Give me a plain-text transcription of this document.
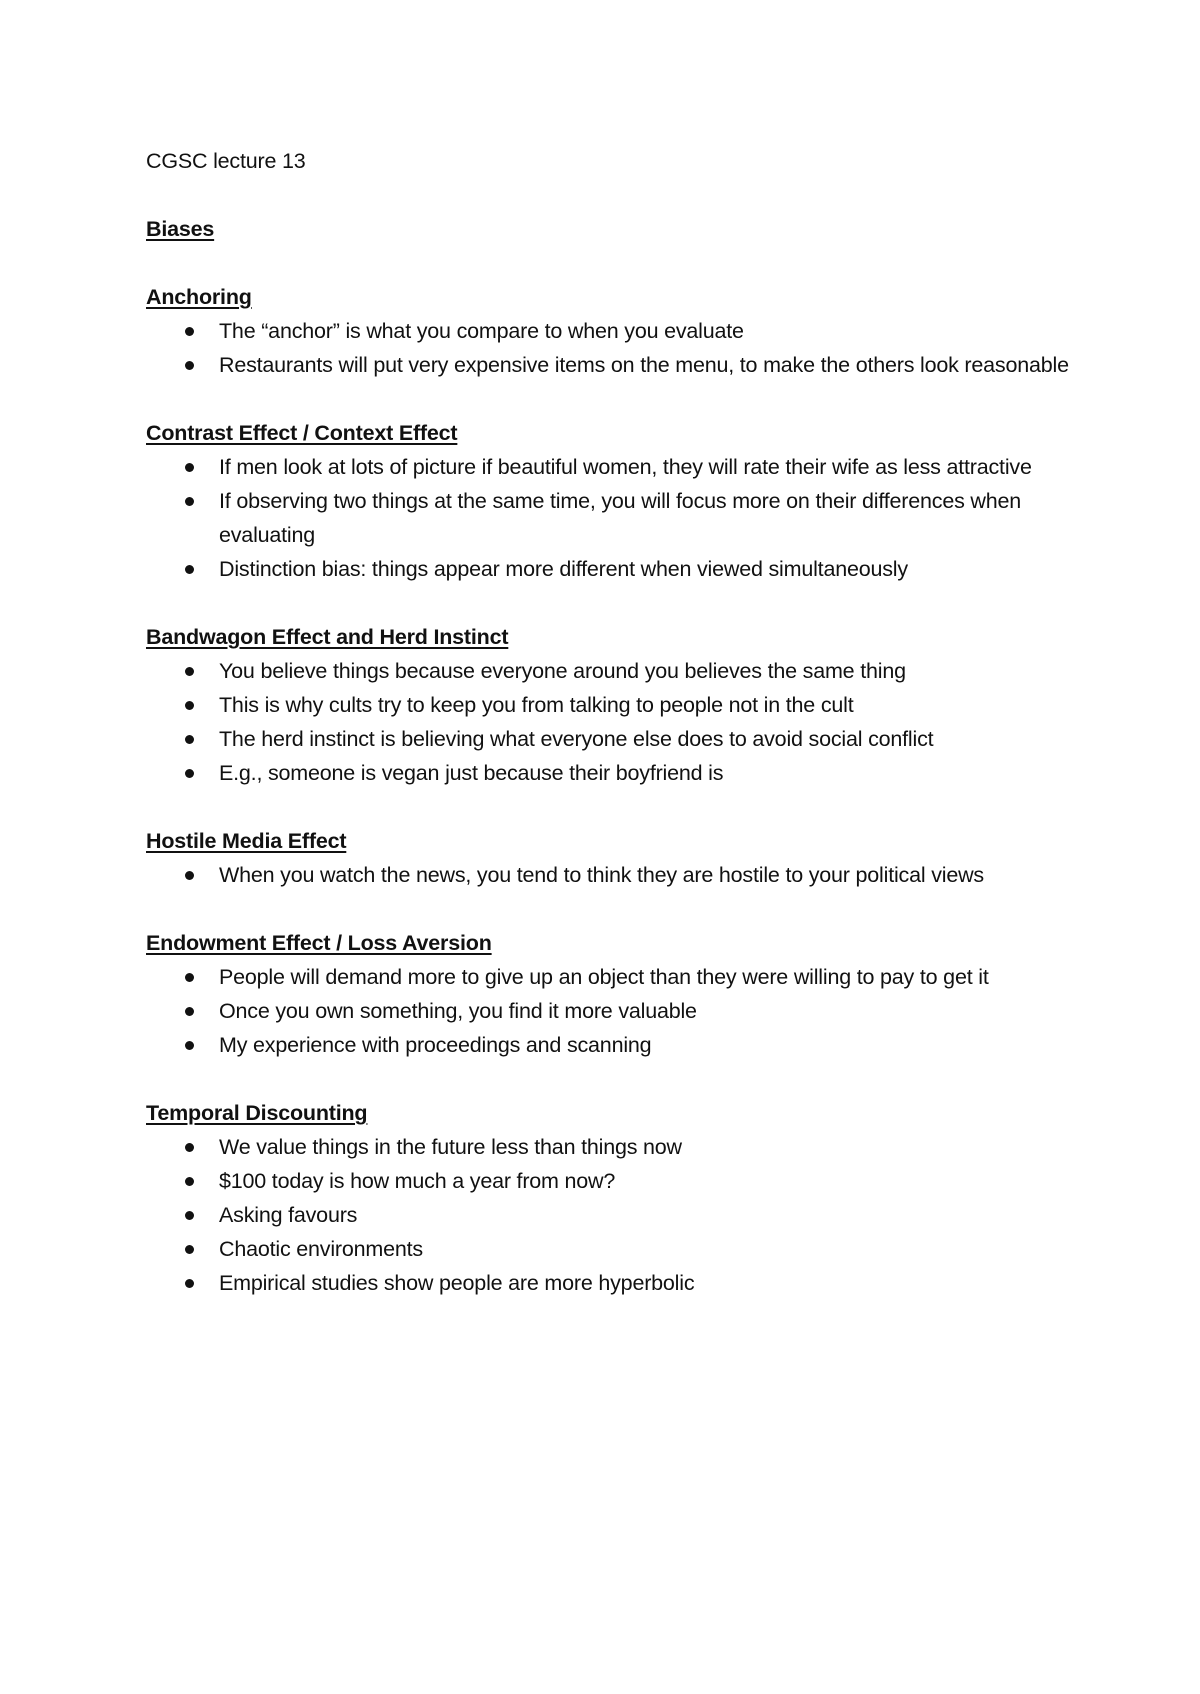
CGSC lecture 13

Biases

Anchoring

The “anchor” is what you compare to when you evaluate
Restaurants will put very expensive items on the menu, to make the others look reasonable

Contrast Effect / Context Effect

If men look at lots of picture if beautiful women, they will rate their wife as less attractive
If observing two things at the same time, you will focus more on their differences when evaluating
Distinction bias: things appear more different when viewed simultaneously

Bandwagon Effect and Herd Instinct

You believe things because everyone around you believes the same thing
This is why cults try to keep you from talking to people not in the cult
The herd instinct is believing what everyone else does to avoid social conflict
E.g., someone is vegan just because their boyfriend is

Hostile Media Effect

When you watch the news, you tend to think they are hostile to your political views

Endowment Effect / Loss Aversion

People will demand more to give up an object than they were willing to pay to get it
Once you own something, you find it more valuable
My experience with proceedings and scanning

Temporal Discounting

We value things in the future less than things now
$100 today is how much a year from now?
Asking favours
Chaotic environments
Empirical studies show people are more hyperbolic
